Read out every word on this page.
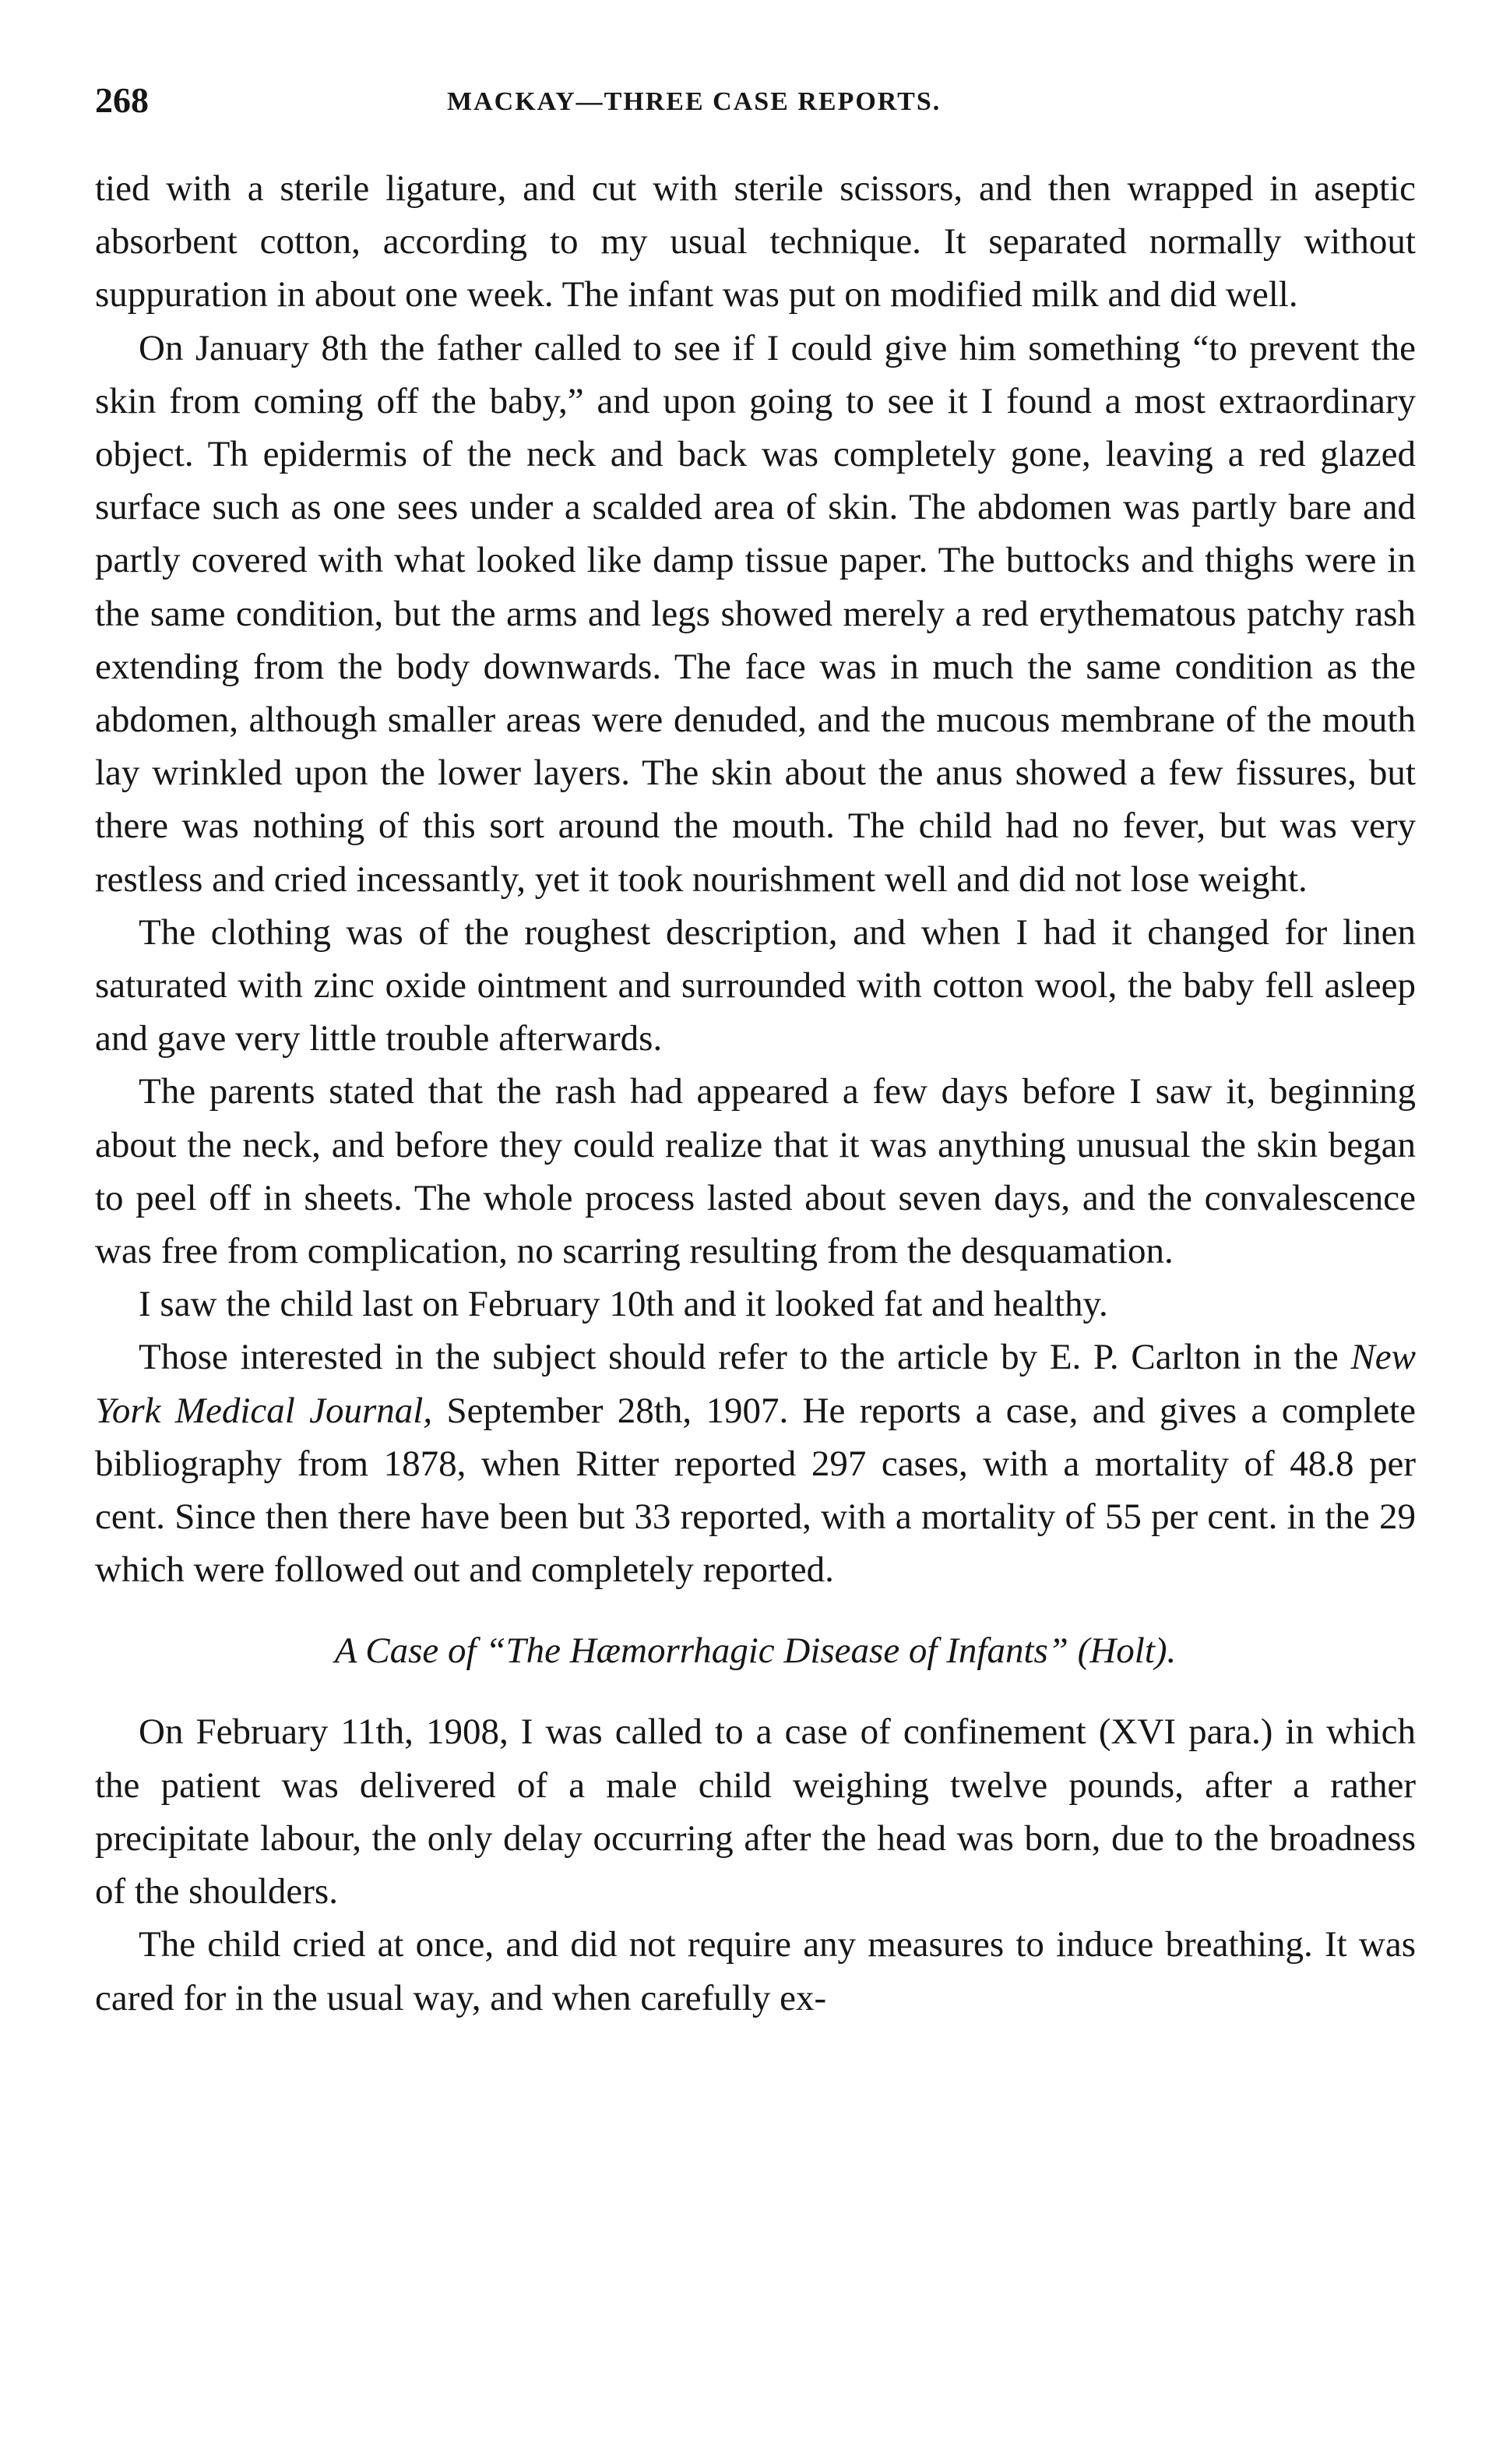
268	MACKAY—THREE CASE REPORTS.

tied with a sterile ligature, and cut with sterile scissors, and then wrapped in aseptic absorbent cotton, according to my usual technique. It separated normally without suppuration in about one week. The infant was put on modified milk and did well.

On January 8th the father called to see if I could give him something “to prevent the skin from coming off the baby,” and upon going to see it I found a most extraordinary object. Th epidermis of the neck and back was completely gone, leaving a red glazed surface such as one sees under a scalded area of skin. The abdomen was partly bare and partly covered with what looked like damp tissue paper. The buttocks and thighs were in the same condition, but the arms and legs showed merely a red erythematous patchy rash extending from the body downwards. The face was in much the same condition as the abdomen, although smaller areas were denuded, and the mucous membrane of the mouth lay wrinkled upon the lower layers. The skin about the anus showed a few fissures, but there was nothing of this sort around the mouth. The child had no fever, but was very restless and cried incessantly, yet it took nourishment well and did not lose weight.

The clothing was of the roughest description, and when I had it changed for linen saturated with zinc oxide ointment and surrounded with cotton wool, the baby fell asleep and gave very little trouble afterwards.

The parents stated that the rash had appeared a few days before I saw it, beginning about the neck, and before they could realize that it was anything unusual the skin began to peel off in sheets. The whole process lasted about seven days, and the convalescence was free from complication, no scarring resulting from the desquamation.

I saw the child last on February 10th and it looked fat and healthy.

Those interested in the subject should refer to the article by E. P. Carlton in the New York Medical Journal, September 28th, 1907. He reports a case, and gives a complete bibliography from 1878, when Ritter reported 297 cases, with a mortality of 48.8 per cent. Since then there have been but 33 reported, with a mortality of 55 per cent. in the 29 which were followed out and completely reported.

A Case of “The Hæmorrhagic Disease of Infants” (Holt).

On February 11th, 1908, I was called to a case of confinement (XVI para.) in which the patient was delivered of a male child weighing twelve pounds, after a rather precipitate labour, the only delay occurring after the head was born, due to the broadness of the shoulders.

The child cried at once, and did not require any measures to induce breathing. It was cared for in the usual way, and when carefully ex-
